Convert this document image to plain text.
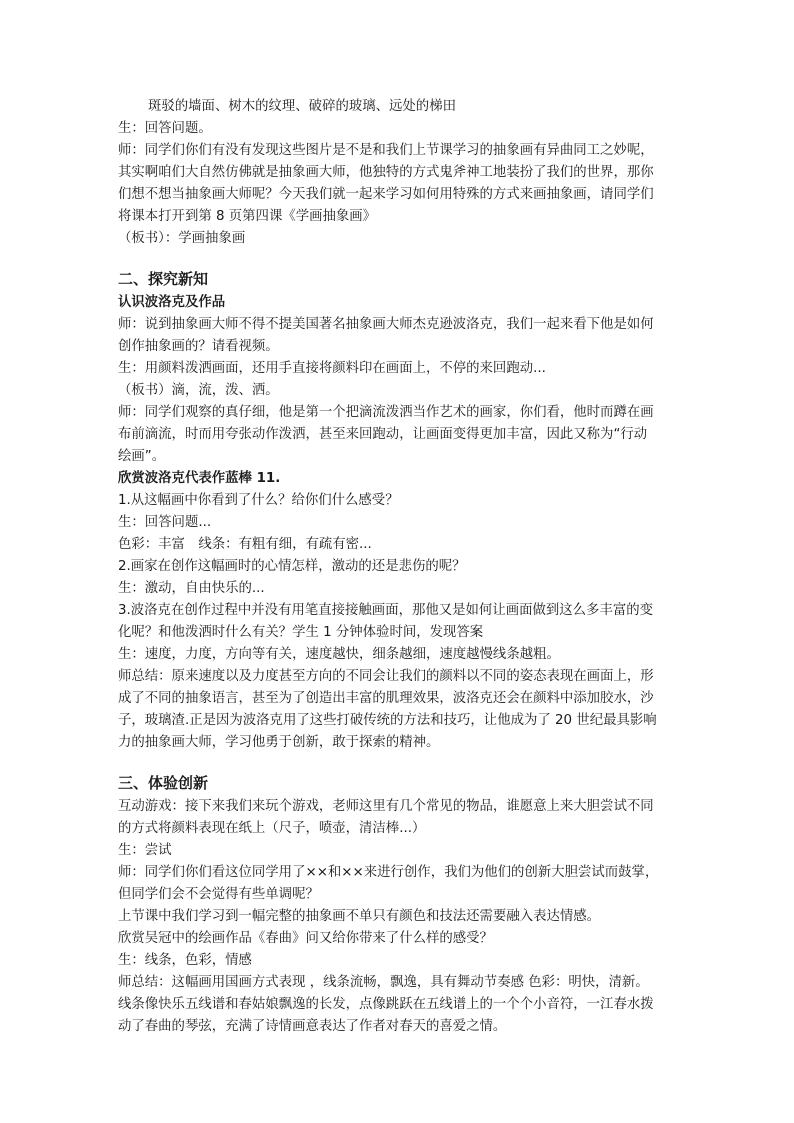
斑驳的墙面、树木的纹理、破碎的玻璃、远处的梯田
生：回答问题。
师：同学们你们有没有发现这些图片是不是和我们上节课学习的抽象画有异曲同工之妙呢，
其实啊咱们大自然仿佛就是抽象画大师，他独特的方式鬼斧神工地装扮了我们的世界，那你
们想不想当抽象画大师呢？今天我们就一起来学习如何用特殊的方式来画抽象画，请同学们
将课本打开到第 8 页第四课《学画抽象画》
（板书）：学画抽象画
二、探究新知
认识波洛克及作品
师：说到抽象画大师不得不提美国著名抽象画大师杰克逊波洛克，我们一起来看下他是如何
创作抽象画的？请看视频。
生：用颜料泼洒画面，还用手直接将颜料印在画面上，不停的来回跑动...
（板书）滴，流，泼、洒。
师：同学们观察的真仔细，他是第一个把滴流泼洒当作艺术的画家，你们看，他时而蹲在画
布前滴流，时而用夸张动作泼洒，甚至来回跑动，让画面变得更加丰富，因此又称为“行动
绘画”。
欣赏波洛克代表作蓝棒 11.
1.从这幅画中你看到了什么？给你们什么感受？
生：回答问题...
色彩：丰富　线条：有粗有细，有疏有密...
2.画家在创作这幅画时的心情怎样，激动的还是悲伤的呢？
生：激动，自由快乐的...
3.波洛克在创作过程中并没有用笔直接接触画面，那他又是如何让画面做到这么多丰富的变
化呢？和他泼洒时什么有关？学生 1 分钟体验时间，发现答案
生：速度，力度，方向等有关，速度越快，细条越细，速度越慢线条越粗。
师总结：原来速度以及力度甚至方向的不同会让我们的颜料以不同的姿态表现在画面上，形
成了不同的抽象语言，甚至为了创造出丰富的肌理效果，波洛克还会在颜料中添加胶水，沙
子，玻璃渣.正是因为波洛克用了这些打破传统的方法和技巧，让他成为了 20 世纪最具影响
力的抽象画大师，学习他勇于创新，敢于探索的精神。
三、体验创新
互动游戏：接下来我们来玩个游戏，老师这里有几个常见的物品，谁愿意上来大胆尝试不同
的方式将颜料表现在纸上（尺子，喷壶，清洁棒...）
生：尝试
师：同学们你们看这位同学用了××和××来进行创作，我们为他们的创新大胆尝试而鼓掌，
但同学们会不会觉得有些单调呢？
上节课中我们学习到一幅完整的抽象画不单只有颜色和技法还需要融入表达情感。
欣赏吴冠中的绘画作品《春曲》问又给你带来了什么样的感受？
生：线条，色彩，情感
师总结：这幅画用国画方式表现 ，线条流畅，飘逸，具有舞动节奏感 色彩：明快，清新。
线条像快乐五线谱和春姑娘飘逸的长发，点像跳跃在五线谱上的一个个小音符，一江春水拨
动了春曲的琴弦，充满了诗情画意表达了作者对春天的喜爱之情。
